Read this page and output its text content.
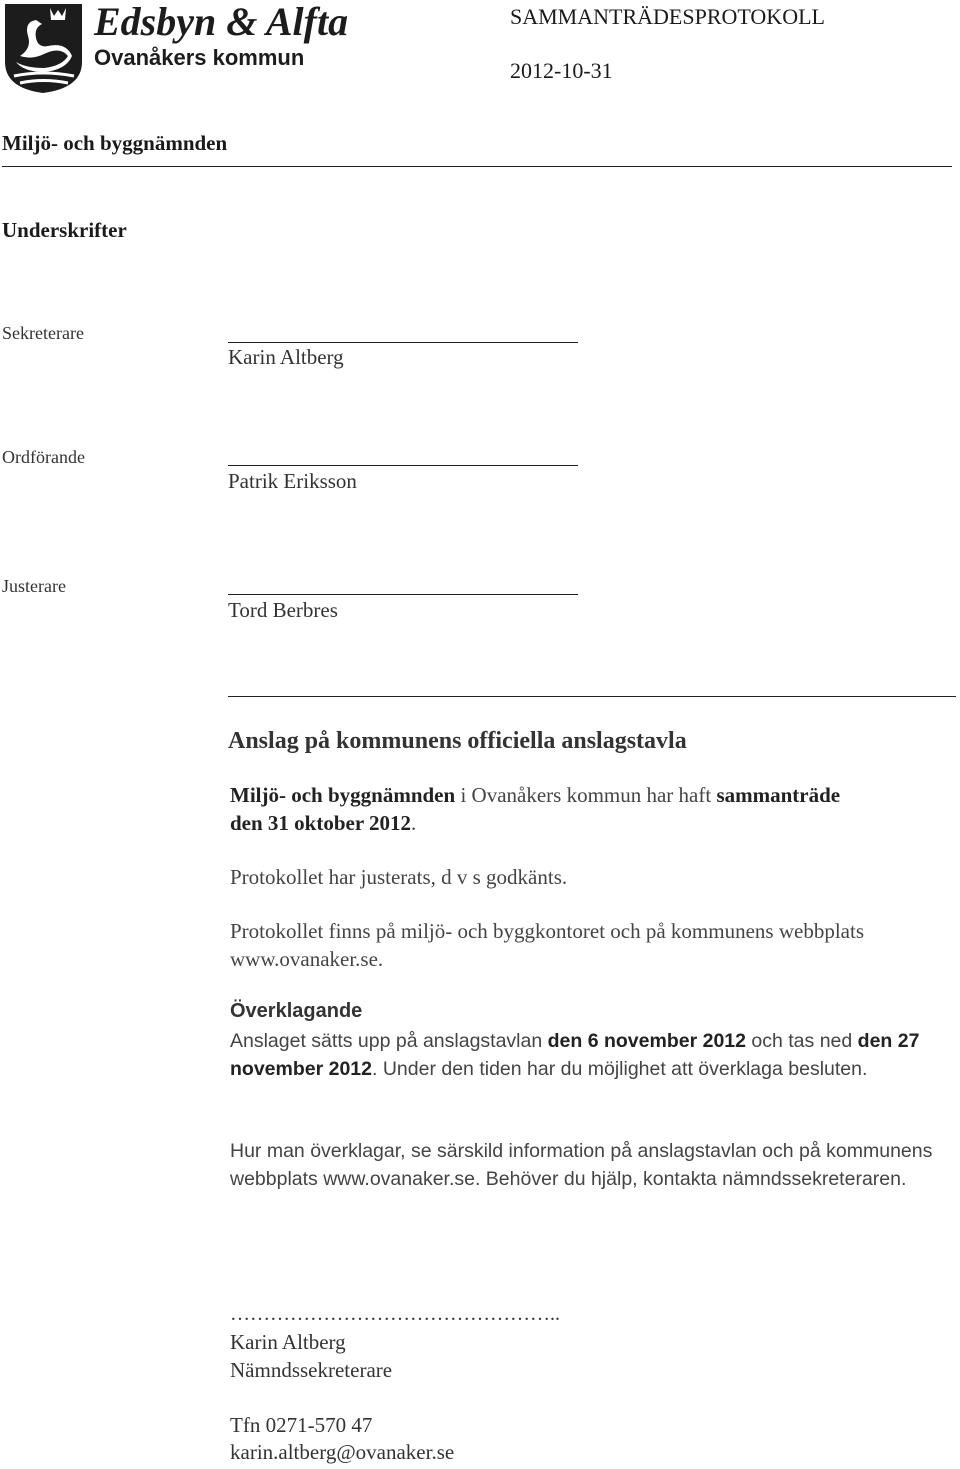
Edsbyn & Alfta
Ovanåkers kommun
SAMMANTRÄDESPROTOKOLL
2012-10-31
Miljö- och byggnämnden
Underskrifter
Sekreterare
Karin Altberg
Ordförande
Patrik Eriksson
Justerare
Tord Berbres
Anslag på kommunens officiella anslagstavla
Miljö- och byggnämnden i Ovanåkers kommun har haft sammanträde
den 31 oktober 2012.
Protokollet har justerats, d v s godkänts.
Protokollet finns på miljö- och byggkontoret och på kommunens webbplats www.ovanaker.se.
Överklagande
Anslaget sätts upp på anslagstavlan den 6 november 2012 och tas ned den 27 november 2012. Under den tiden har du möjlighet att överklaga besluten.
Hur man överklagar, se särskild information på anslagstavlan och på kommunens webbplats www.ovanaker.se. Behöver du hjälp, kontakta nämndssekreteraren.
…………………………………………..
Karin Altberg
Nämndssekreterare
Tfn 0271-570 47
karin.altberg@ovanaker.se
